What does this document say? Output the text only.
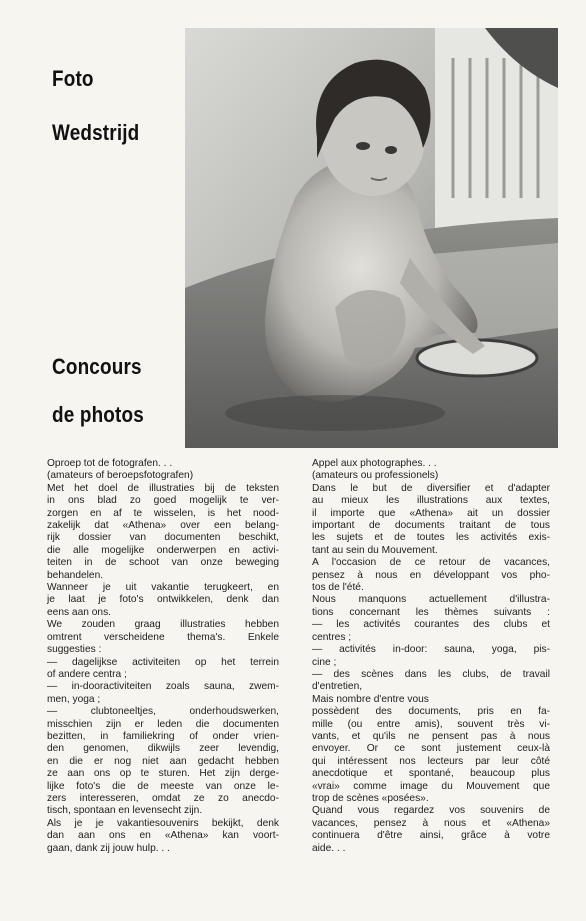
Foto
Wedstrijd
Concours
de photos

Oproep tot de fotografen. . .

(amateurs of beroepsfotografen)

Met het doel de illustraties bij de teksten

in ons blad zo goed mogelijk te ver-

zorgen en af te wisselen, is het nood-

zakelijk dat «Athena» over een belang-

rijk dossier van documenten beschikt,

die alle mogelijke onderwerpen en activi-

teiten in de schoot van onze beweging

behandelen.

Wanneer je uit vakantie terugkeert, en

je laat je foto's ontwikkelen, denk dan

eens aan ons.

We zouden graag illustraties hebben

omtrent verscheidene thema's. Enkele

suggesties :

— dagelijkse activiteiten op het terrein

of andere centra ;

— in-dooractiviteiten zoals sauna, zwem-

men, yoga ;

— clubtoneeltjes, onderhoudswerken,

misschien zijn er leden die documenten

bezitten, in familiekring of onder vrien-

den genomen, dikwijls zeer levendig,

en die er nog niet aan gedacht hebben

ze aan ons op te sturen. Het zijn derge-

lijke foto's die de meeste van onze le-

zers interesseren, omdat ze zo anecdo-

tisch, spontaan en levensecht zijn.

Als je je vakantiesouvenirs bekijkt, denk

dan aan ons en «Athena» kan voort-

gaan, dank zij jouw hulp. . .

Appel aux photographes. . .

(amateurs ou professionels)

Dans le but de diversifier et d'adapter

au mieux les illustrations aux textes,

il importe que «Athena» ait un dossier

important de documents traitant de tous

les sujets et de toutes les activités exis-

tant au sein du Mouvement.

A l'occasion de ce retour de vacances,

pensez à nous en développant vos pho-

tos de l'été.

Nous manquons actuellement d'illustra-

tions concernant les thèmes suivants :

— les activités courantes des clubs et

centres ;

— activités in-door: sauna, yoga, pis-

cine ;

— des scènes dans les clubs, de travail

d'entretien,

Mais nombre d'entre vous

possèdent des documents, pris en fa-

mille (ou entre amis), souvent très vi-

vants, et qu'ils ne pensent pas à nous

envoyer. Or ce sont justement ceux-là

qui intéressent nos lecteurs par leur côté

anecdotique et spontané, beaucoup plus

«vrai» comme image du Mouvement que

trop de scènes «posées».

Quand vous regardez vos souvenirs de

vacances, pensez à nous et «Athena»

continuera d'être ainsi, grâce à votre

aide. . .
